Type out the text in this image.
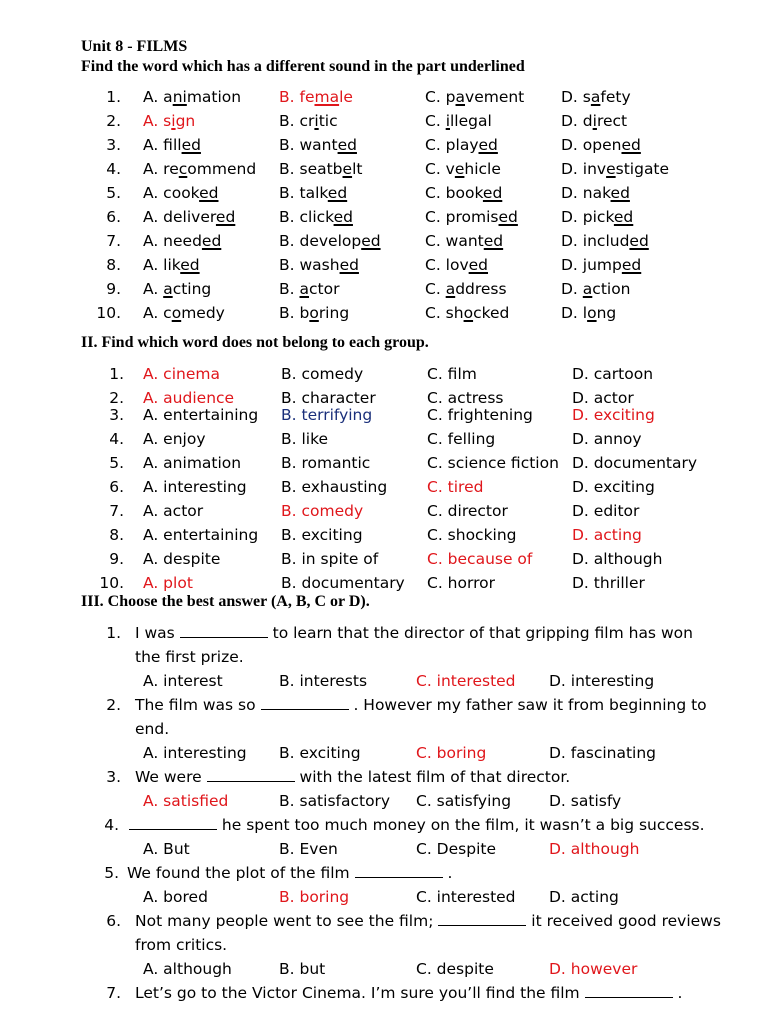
Unit 8 - FILMS
Find the word which has a different sound in the part underlined
1. A. animation B. female	C. pavement D. safety
2. A. sign	B. critic	C. illegal	D. direct
3. A. filled	B. wanted	C. played	D. opened
4. A. recommend B. seatbelt	C. vehicle	D. investigate
5. A. cooked	B. talked	C. booked	D. naked
6. A. delivered	B. clicked	C. promised	D. picked
7. A. needed	B. developed	C. wanted	D. included
8. A. liked	B. washed	C. loved	D. jumped
9. A. acting	B. actor	C. address	D. action
10. A. comedy	B. boring	C. shocked	D. long
II. Find which word does not belong to each group.
1. A. cinema	B. comedy	C. film	D. cartoon
2. A. audience	B. character	C. actress	D. actor
3. A. entertaining B. terrifying	C. frightening	D. exciting
4. A. enjoy	B. like	C. felling	D. annoy
5. A. animation	B. romantic	C. science fiction D. documentary
6. A. interesting B. exhausting	C. tired	D. exciting
7. A. actor	B. comedy	C. director	D. editor
8. A. entertaining B. exciting	C. shocking	D. acting
9. A. despite	B. in spite of	C. because of	D. although
10. A. plot	B. documentary C. horror	D. thriller
III. Choose the best answer (A, B, C or D).
1. I was	to learn that the director of that gripping film has won
the first prize.
A. interest	B. interests	C. interested D. interesting
2. The film was so	. However my father saw it from beginning to
end.
A. interesting B. exciting	C. boring	D. fascinating
3. We were	with the latest film of that director.
A. satisfied	B. satisfactory C. satisfying D. satisfy
4.	he spent too much money on the film, it wasn’t a big success.
A. But	B. Even	C. Despite	D. although
5. We found the plot of the film	.
A. bored	B. boring	C. interested D. acting
6. Not many people went to see the film;	it received good reviews
from critics.
A. although	B. but	C. despite	D. however
7. Let’s go to the Victor Cinema. I’m sure you’ll find the film	.
